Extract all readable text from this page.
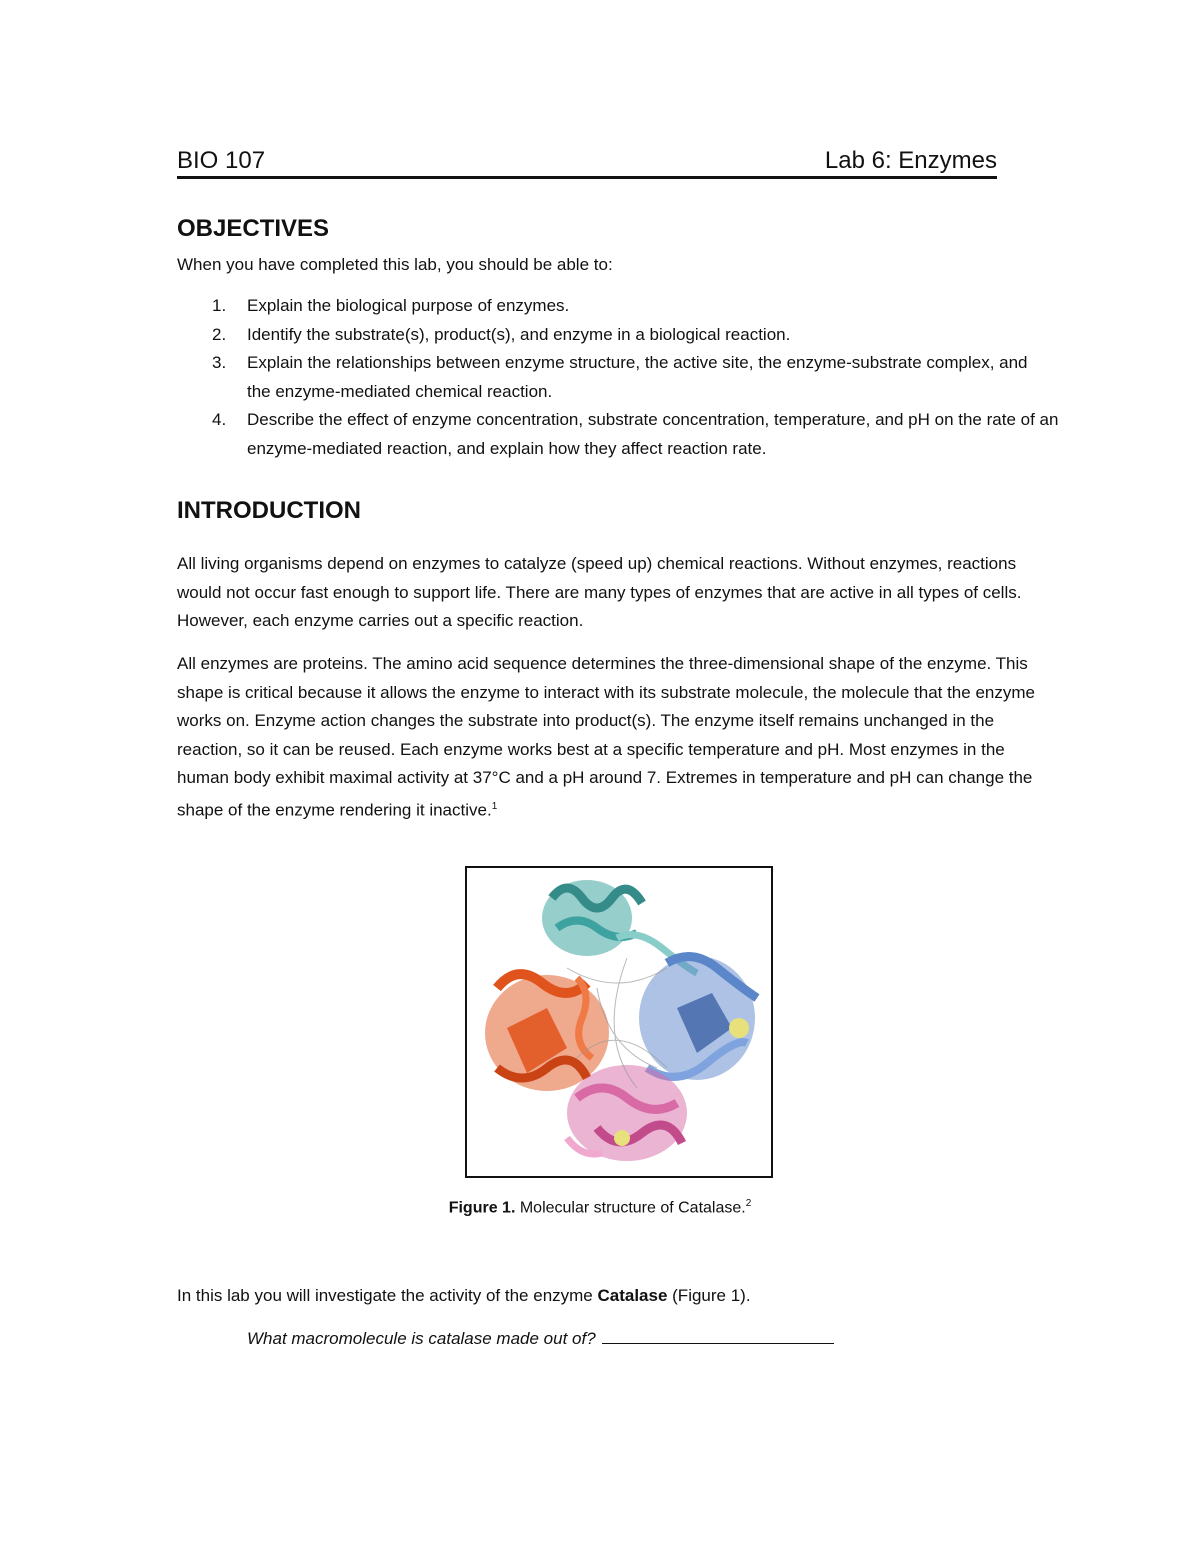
BIO 107	Lab 6: Enzymes
OBJECTIVES

When you have completed this lab, you should be able to:

1. Explain the biological purpose of enzymes.
2. Identify the substrate(s), product(s), and enzyme in a biological reaction.
3. Explain the relationships between enzyme structure, the active site, the enzyme-substrate complex, and the enzyme-mediated chemical reaction.
4. Describe the effect of enzyme concentration, substrate concentration, temperature, and pH on the rate of an enzyme-mediated reaction, and explain how they affect reaction rate.
INTRODUCTION

All living organisms depend on enzymes to catalyze (speed up) chemical reactions. Without enzymes, reactions would not occur fast enough to support life. There are many types of enzymes that are active in all types of cells. However, each enzyme carries out a specific reaction.

All enzymes are proteins. The amino acid sequence determines the three-dimensional shape of the enzyme. This shape is critical because it allows the enzyme to interact with its substrate molecule, the molecule that the enzyme works on. Enzyme action changes the substrate into product(s). The enzyme itself remains unchanged in the reaction, so it can be reused. Each enzyme works best at a specific temperature and pH. Most enzymes in the human body exhibit maximal activity at 37°C and a pH around 7. Extremes in temperature and pH can change the shape of the enzyme rendering it inactive.$^1$

Figure 1. Molecular structure of Catalase.$^2$

In this lab you will investigate the activity of the enzyme Catalase (Figure 1).

What macromolecule is catalase made out of?
